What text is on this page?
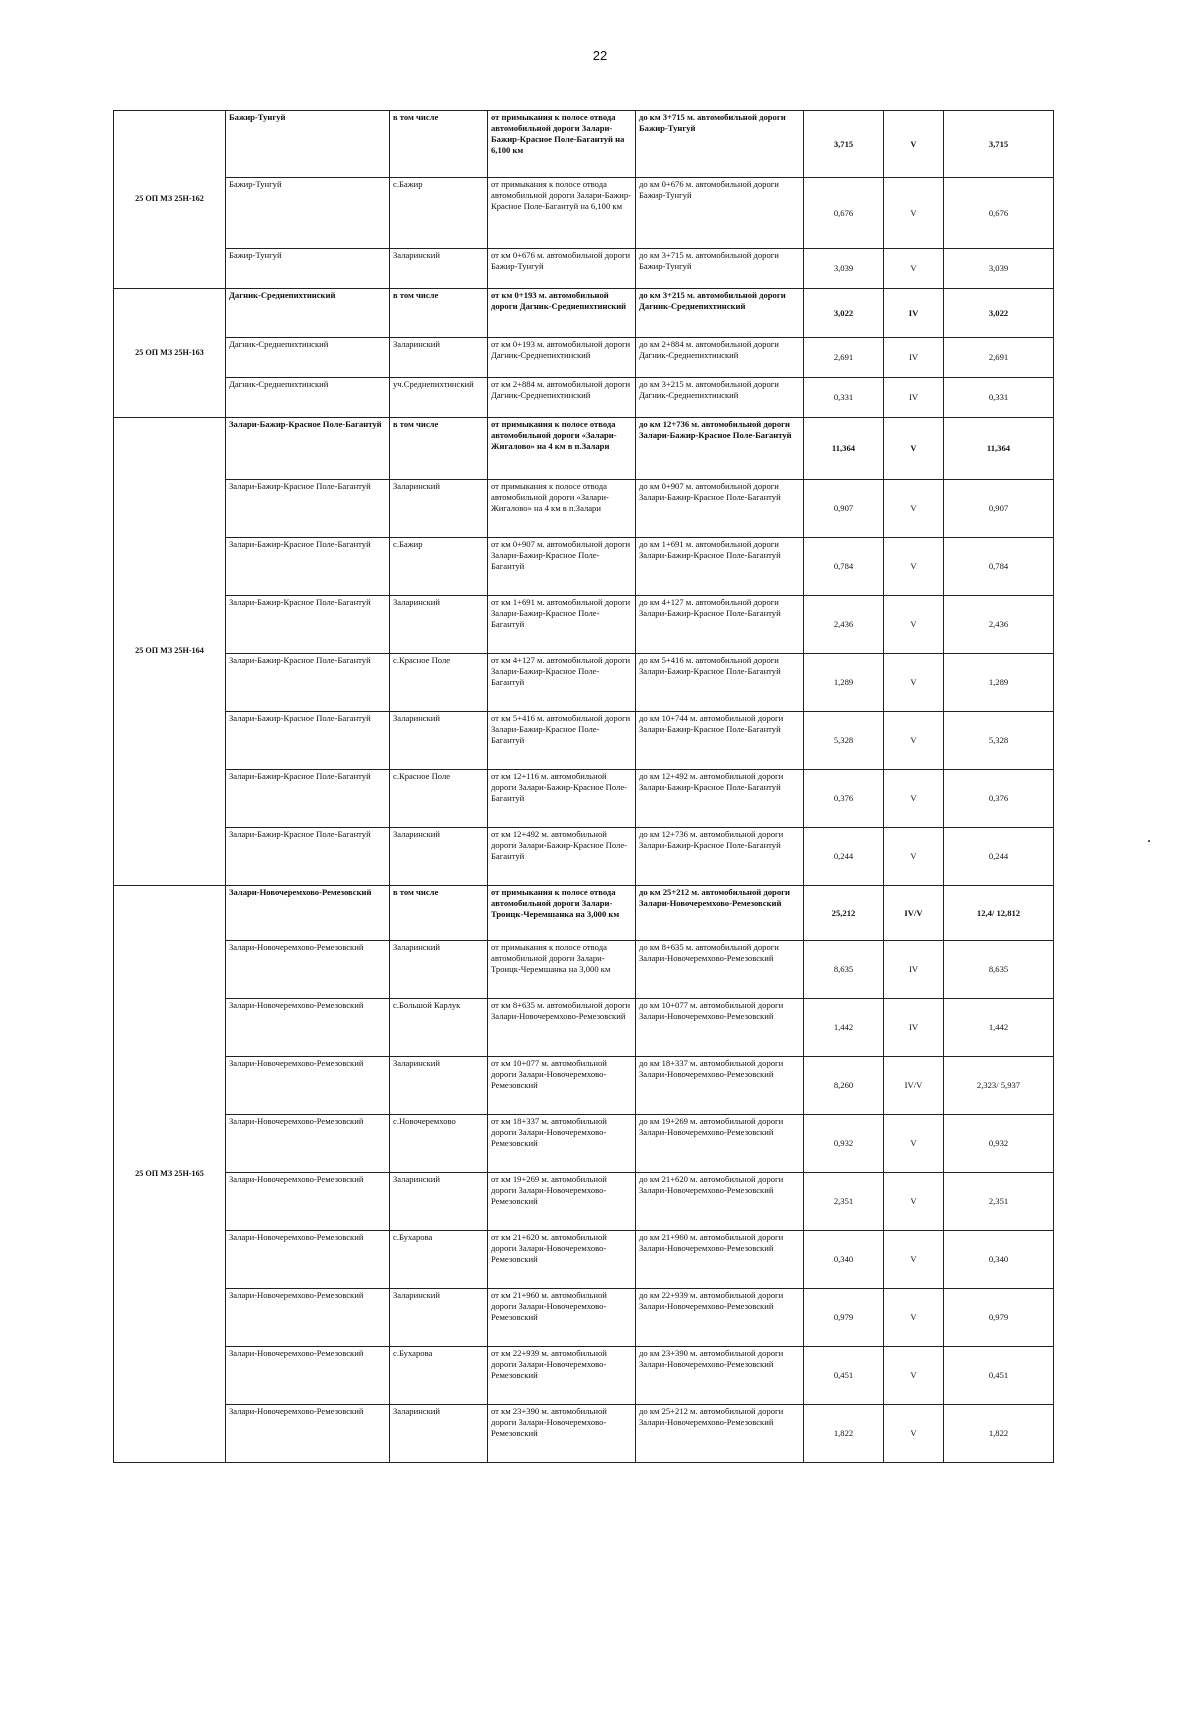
22
25 ОП МЗ 25Н-162	Бажир-Тунгуй	в том числе	от примыкания к полосе отвода автомобильной дороги Залари-Бажир-Красное Поле-Багантуй на 6,100 км	до км 3+715 м. автомобильной дороги Бажир-Тунгуй	3,715	V	3,715
	Бажир-Тунгуй	с.Бажир	от примыкания к полосе отвода автомобильной дороги Залари-Бажир-Красное Поле-Багантуй на 6,100 км	до км 0+676 м. автомобильной дороги Бажир-Тунгуй	0,676	V	0,676
	Бажир-Тунгуй	Заларинский	от км 0+676 м. автомобильной дороги Бажир-Тунгуй	до км 3+715 м. автомобильной дороги Бажир-Тунгуй	3,039	V	3,039
25 ОП МЗ 25Н-163	Дагник-Среднепихтинский	в том числе	от км 0+193 м. автомобильной дороги Дагник-Среднепихтинский	до км 3+215 м. автомобильной дороги Дагник-Среднепихтинский	3,022	IV	3,022
	Дагник-Среднепихтинский	Заларинский	от км 0+193 м. автомобильной дороги Дагник-Среднепихтинский	до км 2+884 м. автомобильной дороги Дагник-Среднепихтинский	2,691	IV	2,691
	Дагник-Среднепихтинский	уч.Среднепихтинский	от км 2+884 м. автомобильной дороги Дагник-Среднепихтинский	до км 3+215 м. автомобильной дороги Дагник-Среднепихтинский	0,331	IV	0,331
25 ОП МЗ 25Н-164	Залари-Бажир-Красное Поле-Багантуй	в том числе	от примыкания к полосе отвода автомобильной дороги «Залари-Жигалово» на 4 км в п.Залари	до км 12+736 м. автомобильной дороги Залари-Бажир-Красное Поле-Багантуй	11,364	V	11,364
	Залари-Бажир-Красное Поле-Багантуй	Заларинский	от примыкания к полосе отвода автомобильной дороги «Залари-Жигалово» на 4 км в п.Залари	до км 0+907 м. автомобильной дороги Залари-Бажир-Красное Поле-Багантуй	0,907	V	0,907
	Залари-Бажир-Красное Поле-Багантуй	с.Бажир	от км 0+907 м. автомобильной дороги Залари-Бажир-Красное Поле-Багантуй	до км 1+691 м. автомобильной дороги Залари-Бажир-Красное Поле-Багантуй	0,784	V	0,784
	Залари-Бажир-Красное Поле-Багантуй	Заларинский	от км 1+691 м. автомобильной дороги Залари-Бажир-Красное Поле-Багантуй	до км 4+127 м. автомобильной дороги Залари-Бажир-Красное Поле-Багантуй	2,436	V	2,436
	Залари-Бажир-Красное Поле-Багантуй	с.Красное Поле	от км 4+127 м. автомобильной дороги Залари-Бажир-Красное Поле-Багантуй	до км 5+416 м. автомобильной дороги Залари-Бажир-Красное Поле-Багантуй	1,289	V	1,289
	Залари-Бажир-Красное Поле-Багантуй	Заларинский	от км 5+416 м. автомобильной дороги Залари-Бажир-Красное Поле-Багантуй	до км 10+744 м. автомобильной дороги Залари-Бажир-Красное Поле-Багантуй	5,328	V	5,328
	Залари-Бажир-Красное Поле-Багантуй	с.Красное Поле	от км 12+116 м. автомобильной дороги Залари-Бажир-Красное Поле-Багантуй	до км 12+492 м. автомобильной дороги Залари-Бажир-Красное Поле-Багантуй	0,376	V	0,376
	Залари-Бажир-Красное Поле-Багантуй	Заларинский	от км 12+492 м. автомобильной дороги Залари-Бажир-Красное Поле-Багантуй	до км 12+736 м. автомобильной дороги Залари-Бажир-Красное Поле-Багантуй	0,244	V	0,244
25 ОП МЗ 25Н-165	Залари-Новочеремхово-Ремезовский	в том числе	от примыкания к полосе отвода автомобильной дороги Залари-Троицк-Черемшанка на 3,000 км	до км 25+212 м. автомобильной дороги Залари-Новочеремхово-Ремезовский	25,212	IV/V	12,4/ 12,812
	Залари-Новочеремхово-Ремезовский	Заларинский	от примыкания к полосе отвода автомобильной дороги Залари-Троицк-Черемшанка на 3,000 км	до км 8+635 м. автомобильной дороги Залари-Новочеремхово-Ремезовский	8,635	IV	8,635
	Залари-Новочеремхово-Ремезовский	с.Большой Карлук	от км 8+635 м. автомобильной дороги Залари-Новочеремхово-Ремезовский	до км 10+077 м. автомобильной дороги Залари-Новочеремхово-Ремезовский	1,442	IV	1,442
	Залари-Новочеремхово-Ремезовский	Заларинский	от км 10+077 м. автомобильной дороги Залари-Новочеремхово-Ремезовский	до км 18+337 м. автомобильной дороги Залари-Новочеремхово-Ремезовский	8,260	IV/V	2,323/ 5,937
	Залари-Новочеремхово-Ремезовский	с.Новочеремхово	от км 18+337 м. автомобильной дороги Залари-Новочеремхово-Ремезовский	до км 19+269 м. автомобильной дороги Залари-Новочеремхово-Ремезовский	0,932	V	0,932
	Залари-Новочеремхово-Ремезовский	Заларинский	от км 19+269 м. автомобильной дороги Залари-Новочеремхово-Ремезовский	до км 21+620 м. автомобильной дороги Залари-Новочеремхово-Ремезовский	2,351	V	2,351
	Залари-Новочеремхово-Ремезовский	с.Бухарова	от км 21+620 м. автомобильной дороги Залари-Новочеремхово-Ремезовский	до км 21+960 м. автомобильной дороги Залари-Новочеремхово-Ремезовский	0,340	V	0,340
	Залари-Новочеремхово-Ремезовский	Заларинский	от км 21+960 м. автомобильной дороги Залари-Новочеремхово-Ремезовский	до км 22+939 м. автомобильной дороги Залари-Новочеремхово-Ремезовский	0,979	V	0,979
	Залари-Новочеремхово-Ремезовский	с.Бухарова	от км 22+939 м. автомобильной дороги Залари-Новочеремхово-Ремезовский	до км 23+390 м. автомобильной дороги Залари-Новочеремхово-Ремезовский	0,451	V	0,451
	Залари-Новочеремхово-Ремезовский	Заларинский	от км 23+390 м. автомобильной дороги Залари-Новочеремхово-Ремезовский	до км 25+212 м. автомобильной дороги Залари-Новочеремхово-Ремезовский	1,822	V	1,822
